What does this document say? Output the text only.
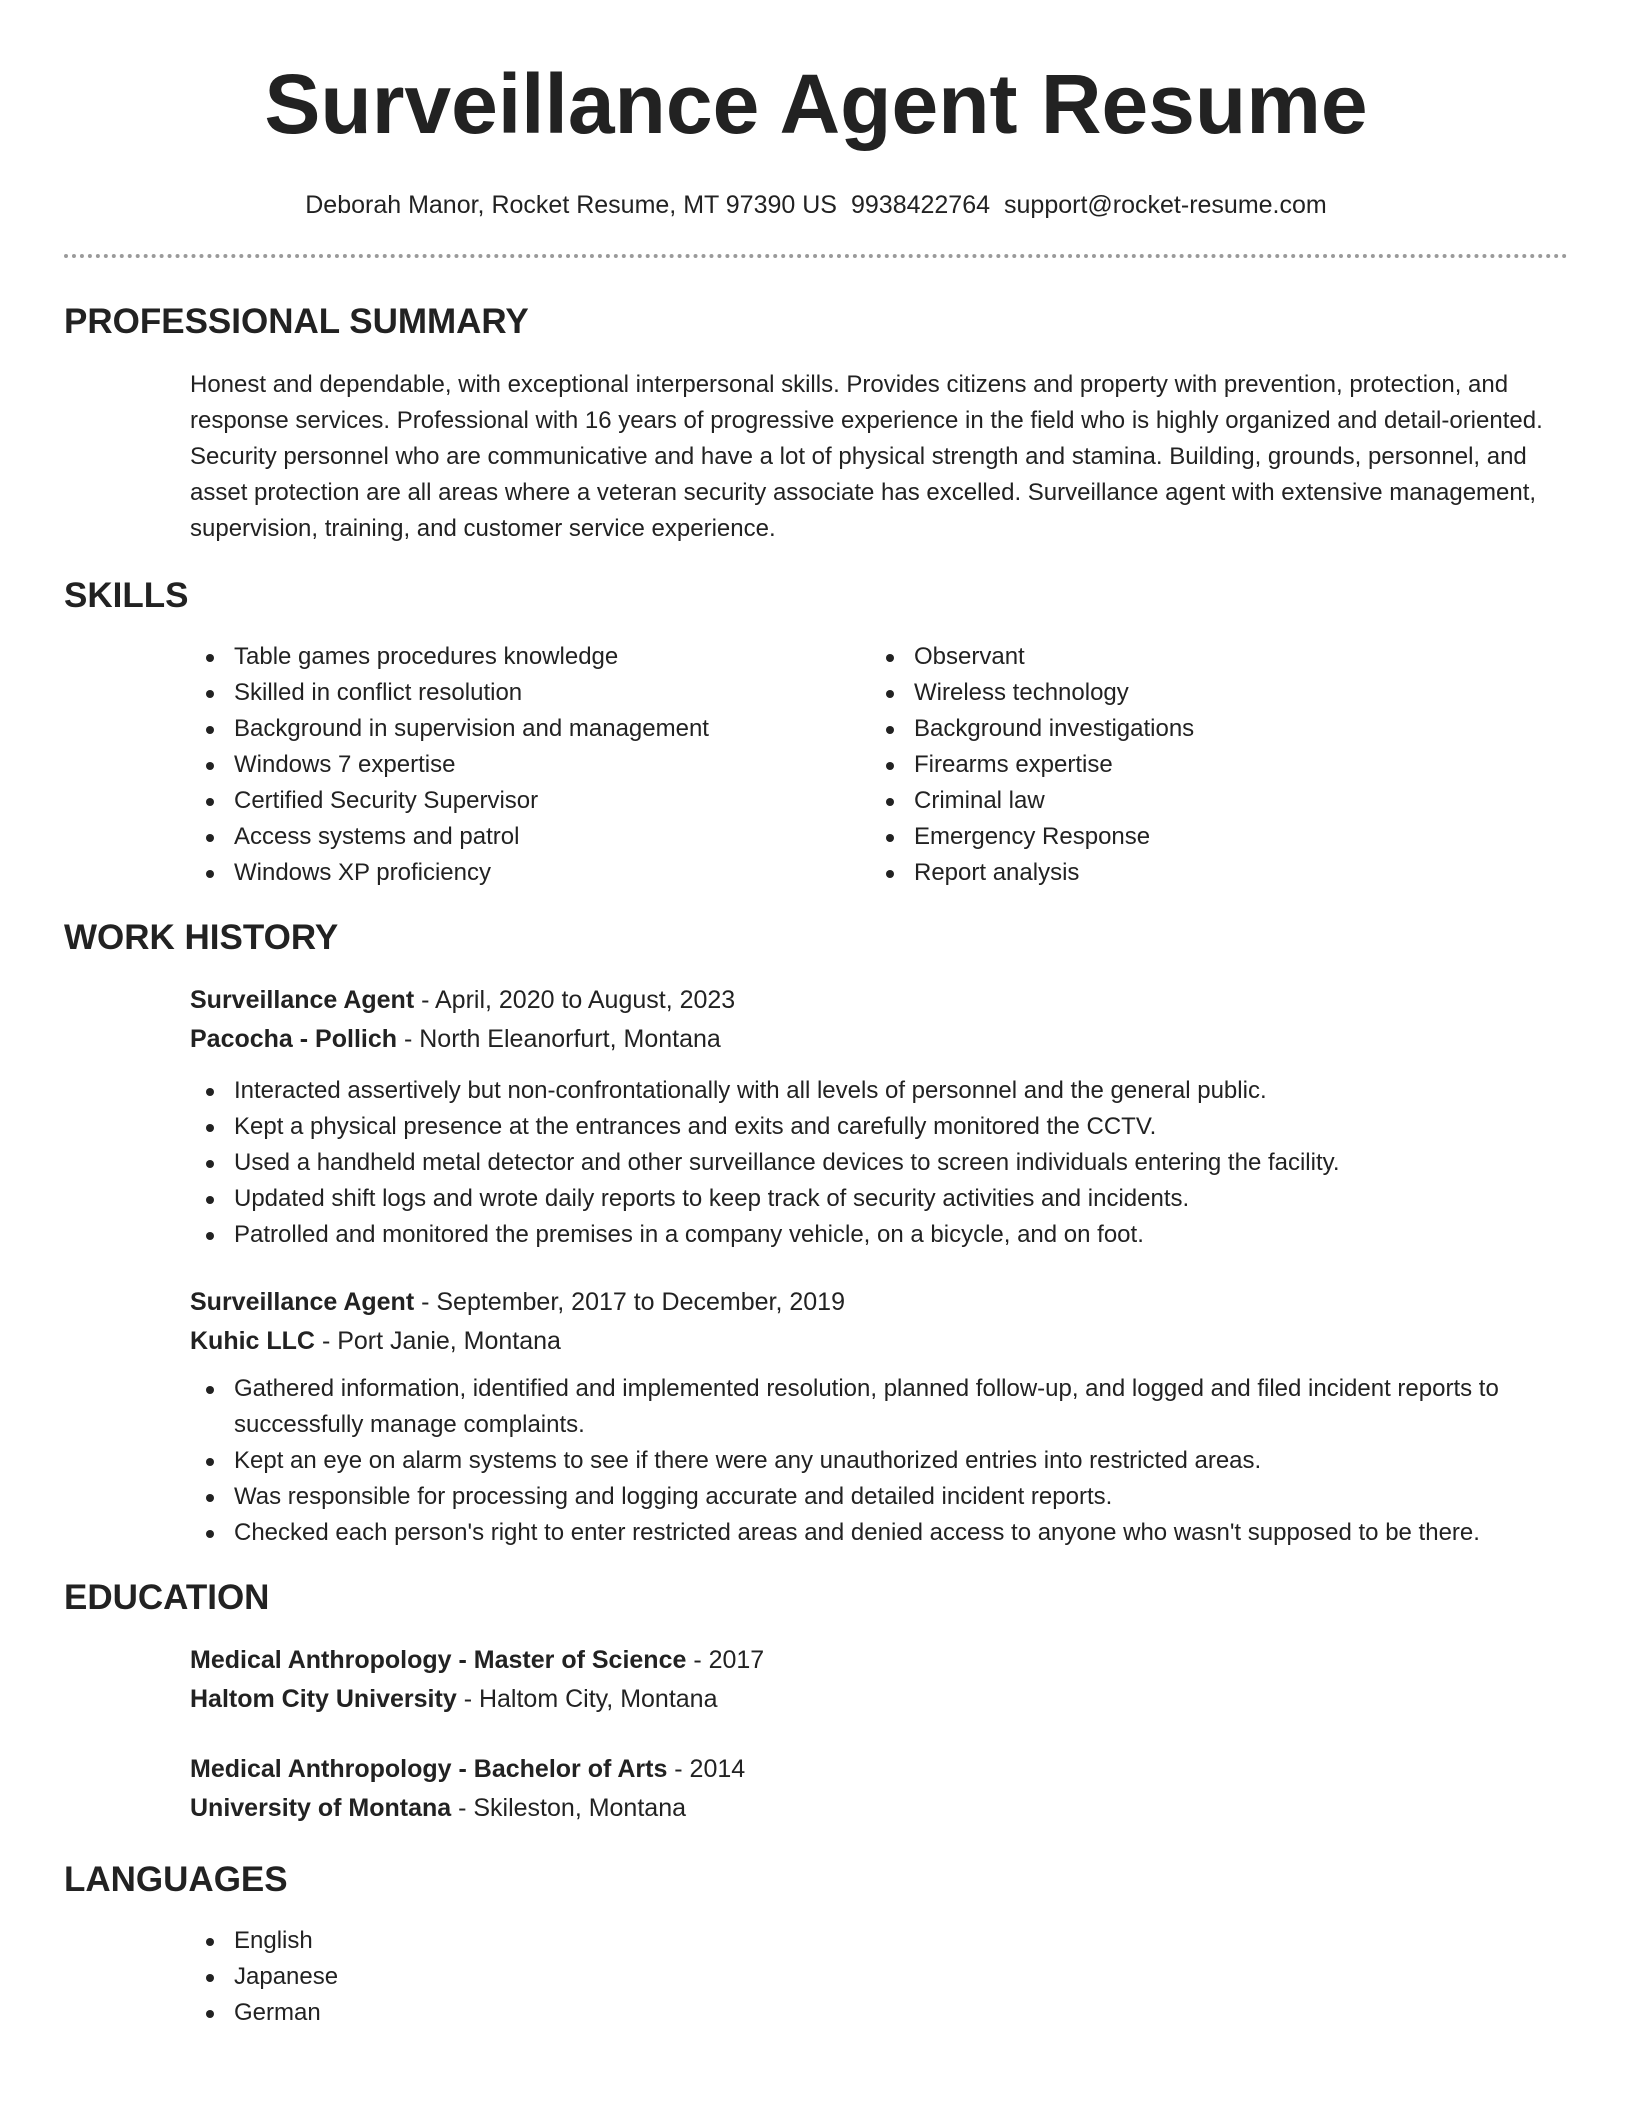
Surveillance Agent Resume
Deborah Manor, Rocket Resume, MT 97390 US 9938422764 support@rocket-resume.com
PROFESSIONAL SUMMARY

Honest and dependable, with exceptional interpersonal skills. Provides citizens and property with prevention, protection, and response services. Professional with 16 years of progressive experience in the field who is highly organized and detail-oriented. Security personnel who are communicative and have a lot of physical strength and stamina. Building, grounds, personnel, and asset protection are all areas where a veteran security associate has excelled. Surveillance agent with extensive management, supervision, training, and customer service experience.

SKILLS
Table games procedures knowledge
Skilled in conflict resolution
Background in supervision and management
Windows 7 expertise
Certified Security Supervisor
Access systems and patrol
Windows XP proficiency
Observant
Wireless technology
Background investigations
Firearms expertise
Criminal law
Emergency Response
Report analysis
WORK HISTORY
Surveillance Agent - April, 2020 to August, 2023
Pacocha - Pollich - North Eleanorfurt, Montana
Interacted assertively but non-confrontationally with all levels of personnel and the general public.
Kept a physical presence at the entrances and exits and carefully monitored the CCTV.
Used a handheld metal detector and other surveillance devices to screen individuals entering the facility.
Updated shift logs and wrote daily reports to keep track of security activities and incidents.
Patrolled and monitored the premises in a company vehicle, on a bicycle, and on foot.
Surveillance Agent - September, 2017 to December, 2019
Kuhic LLC - Port Janie, Montana
Gathered information, identified and implemented resolution, planned follow-up, and logged and filed incident reports to successfully manage complaints.
Kept an eye on alarm systems to see if there were any unauthorized entries into restricted areas.
Was responsible for processing and logging accurate and detailed incident reports.
Checked each person's right to enter restricted areas and denied access to anyone who wasn't supposed to be there.
EDUCATION
Medical Anthropology - Master of Science - 2017
Haltom City University - Haltom City, Montana
Medical Anthropology - Bachelor of Arts - 2014
University of Montana - Skileston, Montana
LANGUAGES
English
Japanese
German
